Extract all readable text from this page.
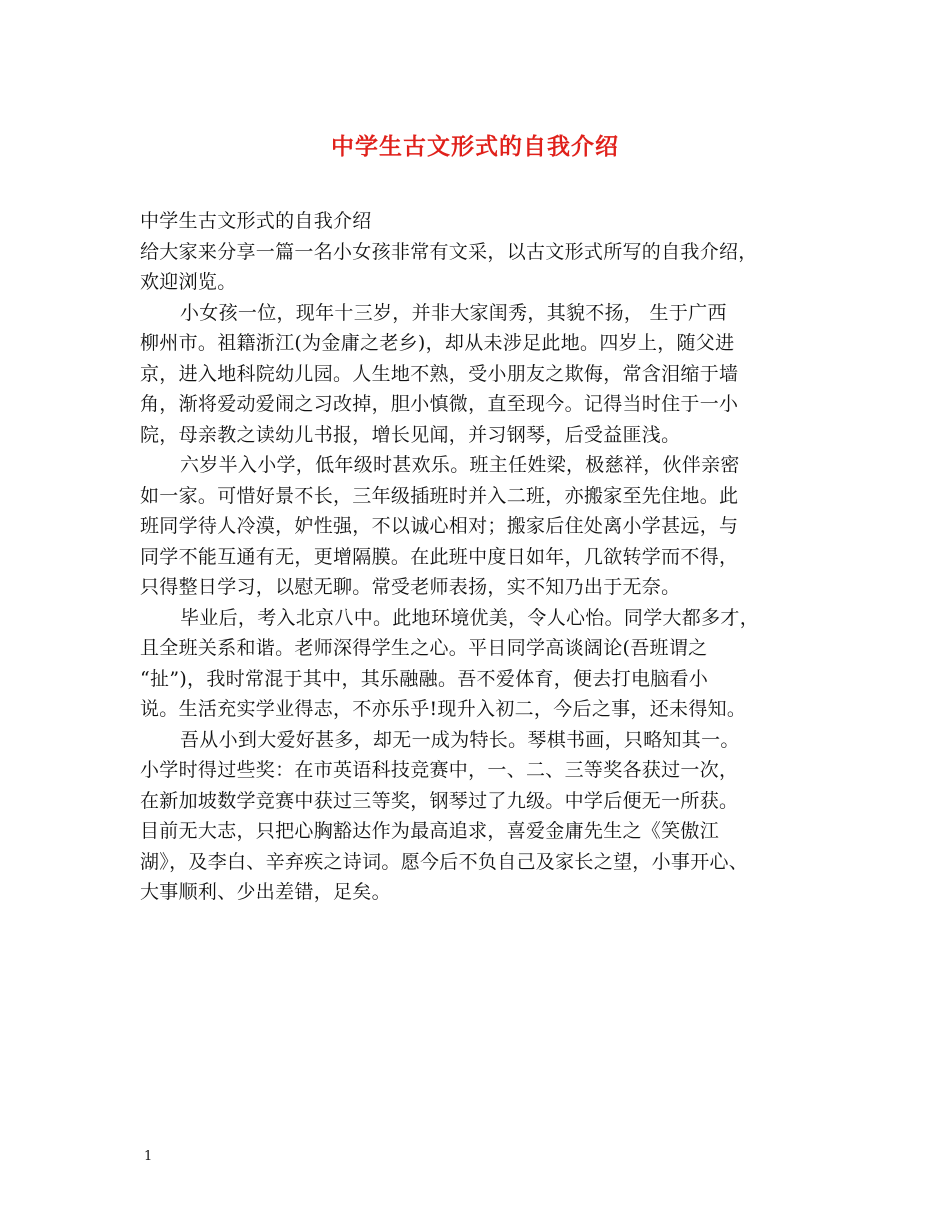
中学生古文形式的自我介绍
中学生古文形式的自我介绍
给大家来分享一篇一名小女孩非常有文采，以古文形式所写的自我介绍，
欢迎浏览。
小女孩一位，现年十三岁，并非大家闺秀，其貌不扬， 生于广西
柳州市。祖籍浙江(为金庸之老乡)，却从未涉足此地。四岁上，随父进
京，进入地科院幼儿园。人生地不熟，受小朋友之欺侮，常含泪缩于墙
角，渐将爱动爱闹之习改掉，胆小慎微，直至现今。记得当时住于一小
院，母亲教之读幼儿书报，增长见闻，并习钢琴，后受益匪浅。
六岁半入小学，低年级时甚欢乐。班主任姓梁，极慈祥，伙伴亲密
如一家。可惜好景不长，三年级插班时并入二班，亦搬家至先住地。此
班同学待人冷漠，妒性强，不以诚心相对；搬家后住处离小学甚远，与
同学不能互通有无，更增隔膜。在此班中度日如年，几欲转学而不得，
只得整日学习，以慰无聊。常受老师表扬，实不知乃出于无奈。
毕业后，考入北京八中。此地环境优美，令人心怡。同学大都多才，
且全班关系和谐。老师深得学生之心。平日同学高谈阔论(吾班谓之
“扯”)，我时常混于其中，其乐融融。吾不爱体育，便去打电脑看小
说。生活充实学业得志，不亦乐乎!现升入初二，今后之事，还未得知。
吾从小到大爱好甚多，却无一成为特长。琴棋书画，只略知其一。
小学时得过些奖：在市英语科技竞赛中，一、二、三等奖各获过一次，
在新加坡数学竞赛中获过三等奖，钢琴过了九级。中学后便无一所获。
目前无大志，只把心胸豁达作为最高追求，喜爱金庸先生之《笑傲江
湖》，及李白、辛弃疾之诗词。愿今后不负自己及家长之望，小事开心、
大事顺利、少出差错，足矣。

1
